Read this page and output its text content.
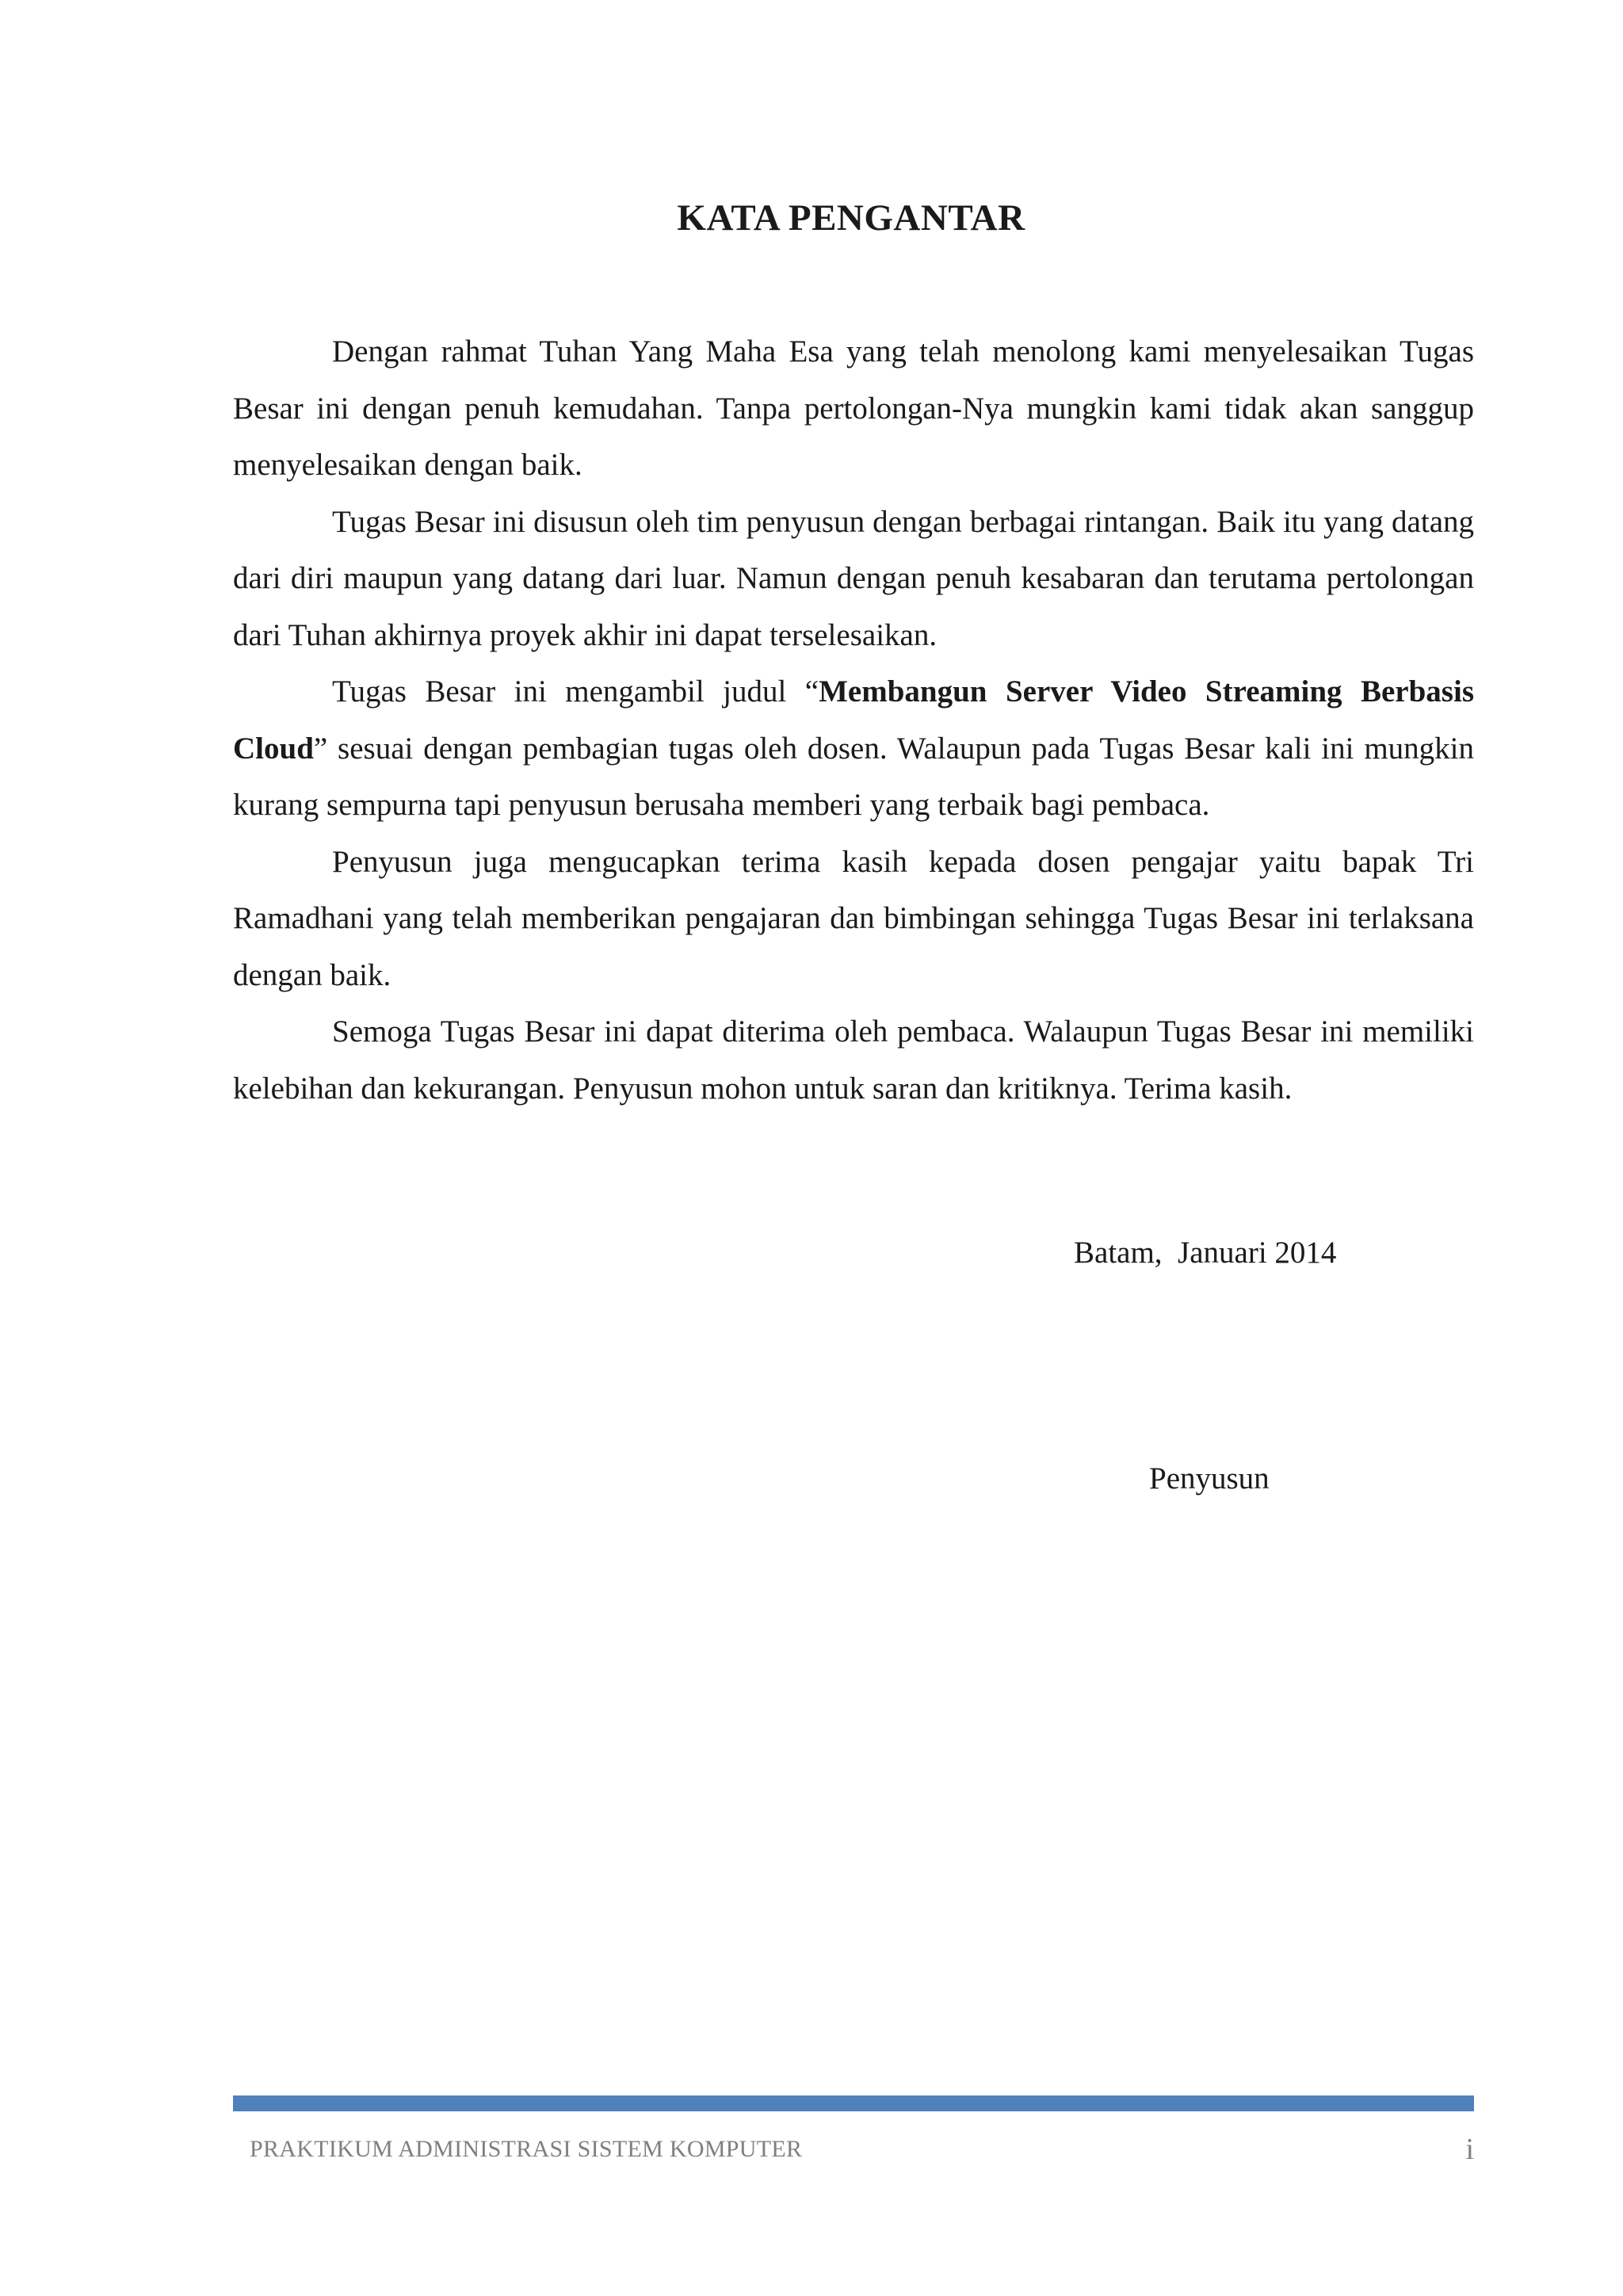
KATA PENGANTAR

Dengan rahmat Tuhan Yang Maha Esa yang telah menolong kami menyelesaikan Tugas Besar ini dengan penuh kemudahan. Tanpa pertolongan-Nya mungkin kami tidak akan sanggup menyelesaikan dengan baik.

Tugas Besar ini disusun oleh tim penyusun dengan berbagai rintangan. Baik itu yang datang dari diri maupun yang datang dari luar. Namun dengan penuh kesabaran dan terutama pertolongan dari Tuhan akhirnya proyek akhir ini dapat terselesaikan.

Tugas Besar ini mengambil judul “Membangun Server Video Streaming Berbasis Cloud” sesuai dengan pembagian tugas oleh dosen. Walaupun pada Tugas Besar kali ini mungkin kurang sempurna tapi penyusun berusaha memberi yang terbaik bagi pembaca.

Penyusun juga mengucapkan terima kasih kepada dosen pengajar yaitu bapak Tri Ramadhani yang telah memberikan pengajaran dan bimbingan sehingga Tugas Besar ini terlaksana dengan baik.

Semoga Tugas Besar ini dapat diterima oleh pembaca. Walaupun Tugas Besar ini memiliki kelebihan dan kekurangan. Penyusun mohon untuk saran dan kritiknya. Terima kasih.

Batam,  Januari 2014
Penyusun
PRAKTIKUM ADMINISTRASI SISTEM KOMPUTER	i
